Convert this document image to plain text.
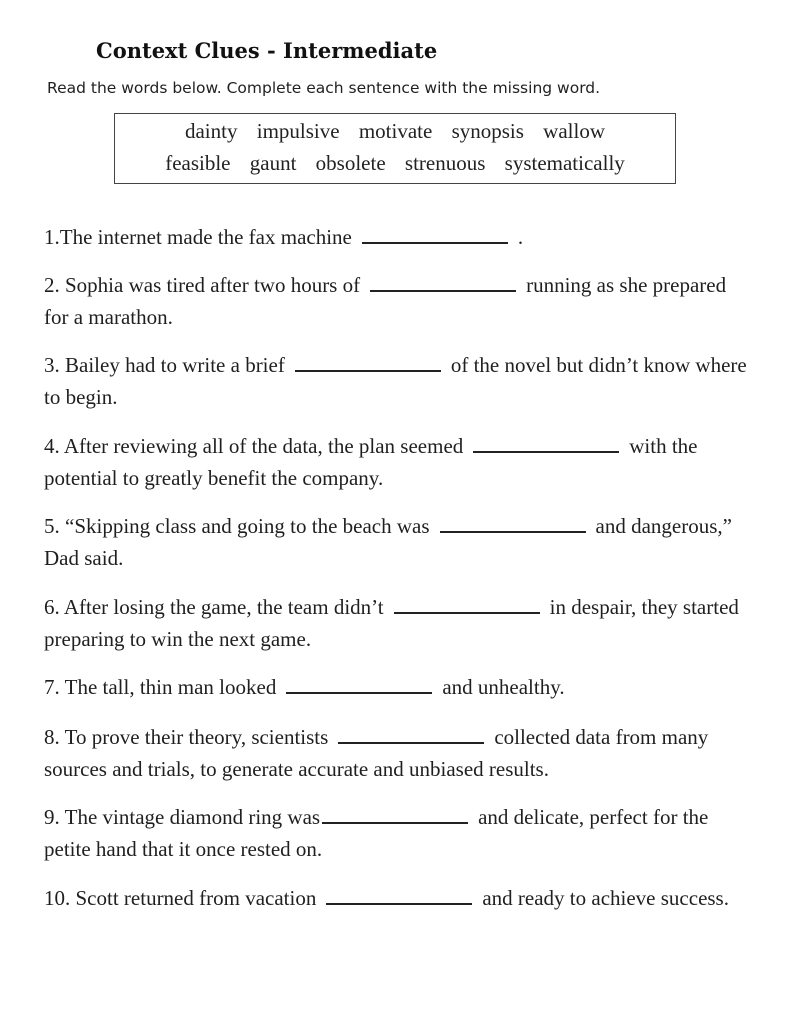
Context Clues - Intermediate
Read the words below. Complete each sentence with the missing word.
dainty impulsive motivate synopsis wallow
feasible gaunt obsolete strenuous systematically
1.The internet made the fax machine	.
2. Sophia was tired after two hours of	running as she prepared for a marathon.
3. Bailey had to write a brief	of the novel but didn’t know where to begin.
4. After reviewing all of the data, the plan seemed	with the potential to greatly benefit the company.
5. “Skipping class and going to the beach was	and dangerous,” Dad said.
6. After losing the game, the team didn’t	in despair, they started preparing to win the next game.
7. The tall, thin man looked	and unhealthy.
8. To prove their theory, scientists	collected data from many sources and trials, to generate accurate and unbiased results.
9. The vintage diamond ring was	and delicate, perfect for the petite hand that it once rested on.
10. Scott returned from vacation	and ready to achieve success.
